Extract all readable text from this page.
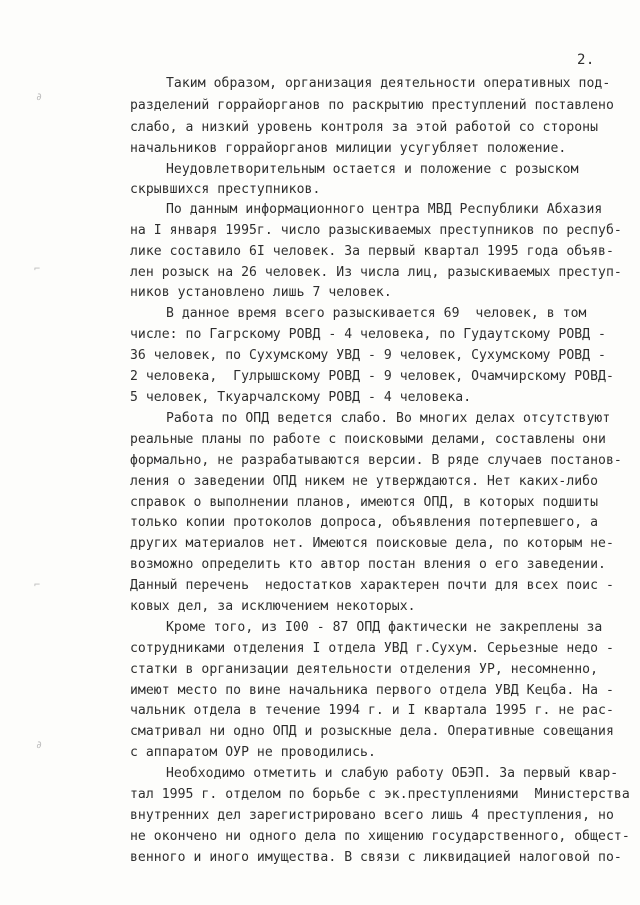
2.
Таким образом, организация деятельности оперативных под-
разделений горрайорганов по раскрытию преступлений поставлено
слабо, а низкий уровень контроля за этой работой со стороны
начальников горрайорганов милиции усугубляет положение.
Неудовлетворительным остается и положение с розыском
скрывшихся преступников.
По данным информационного центра МВД Республики Абхазия
на I января 1995г. число разыскиваемых преступников по респуб-
лике составило 6I человек. За первый квартал 1995 года объяв-
лен розыск на 26 человек. Из числа лиц, разыскиваемых преступ-
ников установлено лишь 7 человек.
В данное время всего разыскивается 69  человек, в том
числе: по Гагрскому РОВД - 4 человека, по Гудаутскому РОВД -
36 человек, по Сухумскому УВД - 9 человек, Сухумскому РОВД -
2 человека,  Гулрышскому РОВД - 9 человек, Очамчирскому РОВД-
5 человек, Ткуарчалскому РОВД - 4 человека.
Работа по ОПД ведется слабо. Во многих делах отсутствуют
реальные планы по работе с поисковыми делами, составлены они
формально, не разрабатываются версии. В ряде случаев постанов-
ления о заведении ОПД никем не утверждаются. Нет каких-либо
справок о выполнении планов, имеются ОПД, в которых подшиты
только копии протоколов допроса, объявления потерпевшего, а
других материалов нет. Имеются поисковые дела, по которым не-
возможно определить кто автор постан вления о его заведении.
Данный перечень  недостатков характерен почти для всех поис -
ковых дел, за исключением некоторых.
Кроме того, из I00 - 87 ОПД фактически не закреплены за
сотрудниками отделения I отдела УВД г.Сухум. Серьезные недо -
статки в организации деятельности отделения УР, несомненно,
имеют место по вине начальника первого отдела УВД Кецба. На -
чальник отдела в течение 1994 г. и I квартала 1995 г. не рас-
сматривал ни одно ОПД и розыскные дела. Оперативные совещания
с аппаратом ОУР не проводились.
Необходимо отметить и слабую работу ОБЭП. За первый квар-
тал 1995 г. отделом по борьбе с эк.преступлениями  Министерства
внутренних дел зарегистрировано всего лишь 4 преступления, но
не окончено ни одного дела по хищению государственного, общест-
венного и иного имущества. В связи с ликвидацией налоговой по-
∂
⌐
⌐
∂
